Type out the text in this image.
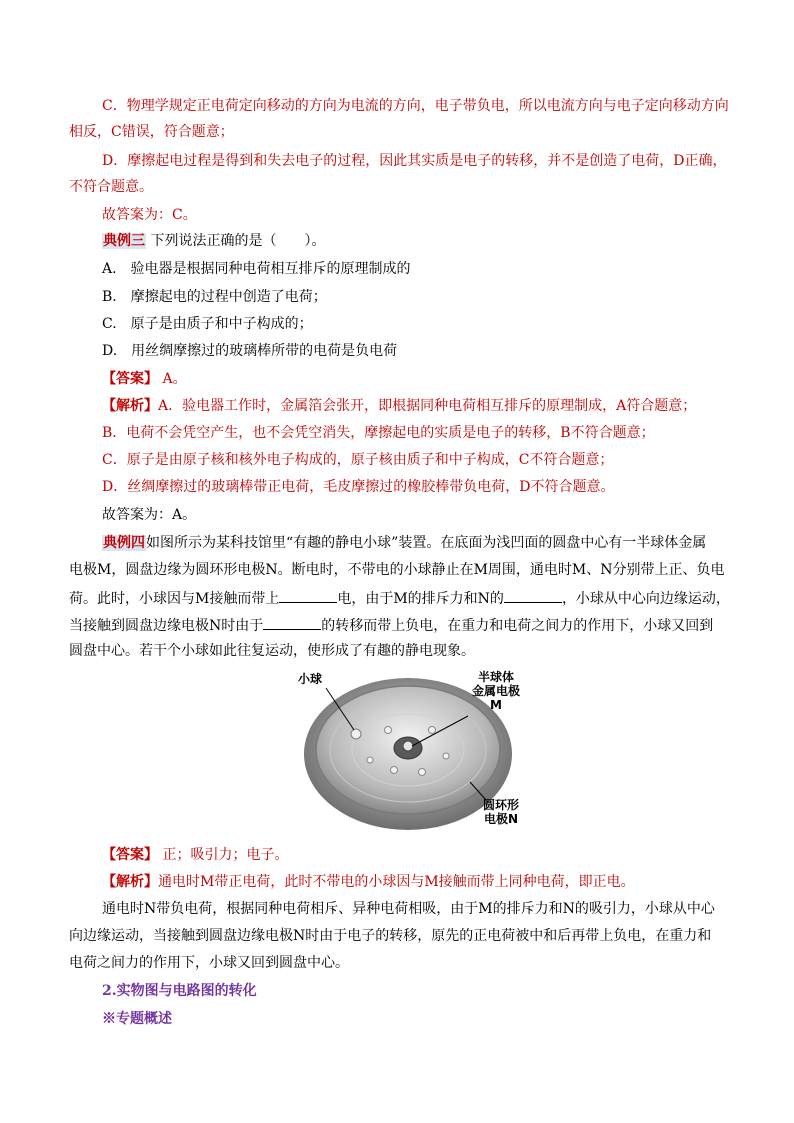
C．物理学规定正电荷定向移动的方向为电流的方向，电子带负电，所以电流方向与电子定向移动方向
相反，C错误，符合题意；
D．摩擦起电过程是得到和失去电子的过程，因此其实质是电子的转移，并不是创造了电荷，D正确，
不符合题意。
故答案为：C。
典例三 下列说法正确的是（　　）。
A.　验电器是根据同种电荷相互排斥的原理制成的
B.　摩擦起电的过程中创造了电荷；
C.　原子是由质子和中子构成的；
D.　用丝绸摩擦过的玻璃棒所带的电荷是负电荷
【答案】 A。
【解析】A．验电器工作时，金属箔会张开，即根据同种电荷相互排斥的原理制成，A符合题意；
B．电荷不会凭空产生，也不会凭空消失，摩擦起电的实质是电子的转移，B不符合题意；
C．原子是由原子核和核外电子构成的，原子核由质子和中子构成，C不符合题意；
D．丝绸摩擦过的玻璃棒带正电荷，毛皮摩擦过的橡胶棒带负电荷，D不符合题意。
故答案为：A。
典例四如图所示为某科技馆里“有趣的静电小球”装置。在底面为浅凹面的圆盘中心有一半球体金属
电极M，圆盘边缘为圆环形电极N。断电时，不带电的小球静止在M周围，通电时M、N分别带上正、负电
荷。此时，小球因与M接触而带上	电，由于M的排斥力和N的	，小球从中心向边缘运动，
当接触到圆盘边缘电极N时由于	的转移而带上负电，在重力和电荷之间力的作用下，小球又回到
圆盘中心。若干个小球如此往复运动，使形成了有趣的静电现象。
小球	半球体
金属电极
M
圆环形
电极N
【答案】 正；吸引力；电子。
【解析】通电时M带正电荷，此时不带电的小球因与M接触而带上同种电荷，即正电。
通电时N带负电荷，根据同种电荷相斥、异种电荷相吸，由于M的排斥力和N的吸引力，小球从中心
向边缘运动，当接触到圆盘边缘电极N时由于电子的转移，原先的正电荷被中和后再带上负电，在重力和
电荷之间力的作用下，小球又回到圆盘中心。
2.实物图与电路图的转化
※专题概述
